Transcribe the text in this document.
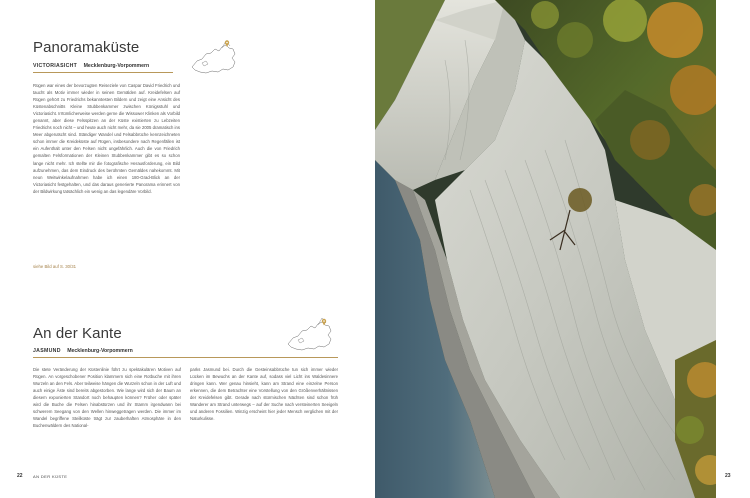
Panoramaküste
VICTORIASICHT Mecklenburg-Vorpommern
Rügen war eines der bevorzugten Reiseziele von Caspar David Friedrich und taucht als Motiv immer wieder in seinen Gemälden auf. Kreidefelsen auf Rügen gehört zu Friedrichs bekanntesten Bildern und zeigt eine Ansicht des Küstenabschnitts Kleine Stubbenkammer zwischen Königsstuhl und Victoriasicht. Irrtümlicherweise werden gerne die Wissower Klinken als Vorbild genannt, aber diese Felsspitzen an der Küste existierten zu Lebzeiten Friedrichs noch nicht – und heute auch nicht mehr, da sie 2005 dramatisch ins Meer abgerutscht sind. Ständiger Wandel und Felsabbrüche kennzeichneten schon immer die Kreideküste auf Rügen, insbesondere nach Regenfällen ist ein Aufenthalt unter den Felsen nicht ungefährlich. Auch die von Friedrich gemalten Felsformationen der Kleinen Stubbenkammer gibt es so schon lange nicht mehr. Ich stellte mir die fotografische Herausforderung, ein Bild aufzunehmen, das dem Eindruck des berühmten Gemäldes nahekommt. Mit neun Weitwinkelaufnahmen habe ich einen 180-Grad-Blick an der Victoriasicht festgehalten, und das daraus generierte Panorama erinnert von der Bildwirkung tatsächlich ein wenig an das legendäre Vorbild.
siehe Bild auf S. 30/31
An der Kante
JASMUND Mecklenburg-Vorpommern
Die stete Veränderung der Küstenlinie führt zu spektakulären Motiven auf Rügen. An vorgeschobener Position klammern sich eine Rotbuche mit ihren Wurzeln an den Fels. Aber teilweise hängen die Wurzeln schon in der Luft und auch einige Äste sind bereits abgestorben. Wie lange wird sich der Baum an diesem exponierten Standort noch behaupten können? Früher oder später wird die Buche die Felsen hinabstürzen und ihr Stamm irgendwann bei schwerem Seegang von den Wellen hinweggetragen werden. Die immer im Wandel begriffene Steilküste trägt zur zauberhaften Atmosphäre in den Buchenwäldern des National-
parks Jasmund bei. Durch die Gesteinsabbrüche tun sich immer wieder Lücken im Bewuchs an der Kante auf, sodass viel Licht ins Waldesinnere dringen kann. Wer genau hinsieht, kann am Strand eine einzelne Person erkennen, die dem Betrachter eine Vorstellung von den Größenverhältnissen der Kreidefelsen gibt. Gerade nach stürmischen Nächten sind schon früh Wanderer am Strand unterwegs – auf der Suche nach versteinerten Seeigeln und anderen Fossilien. Winzig erscheint hier jeder Mensch verglichen mit der Naturkulisse.
22	AN DER KÜSTE	23
